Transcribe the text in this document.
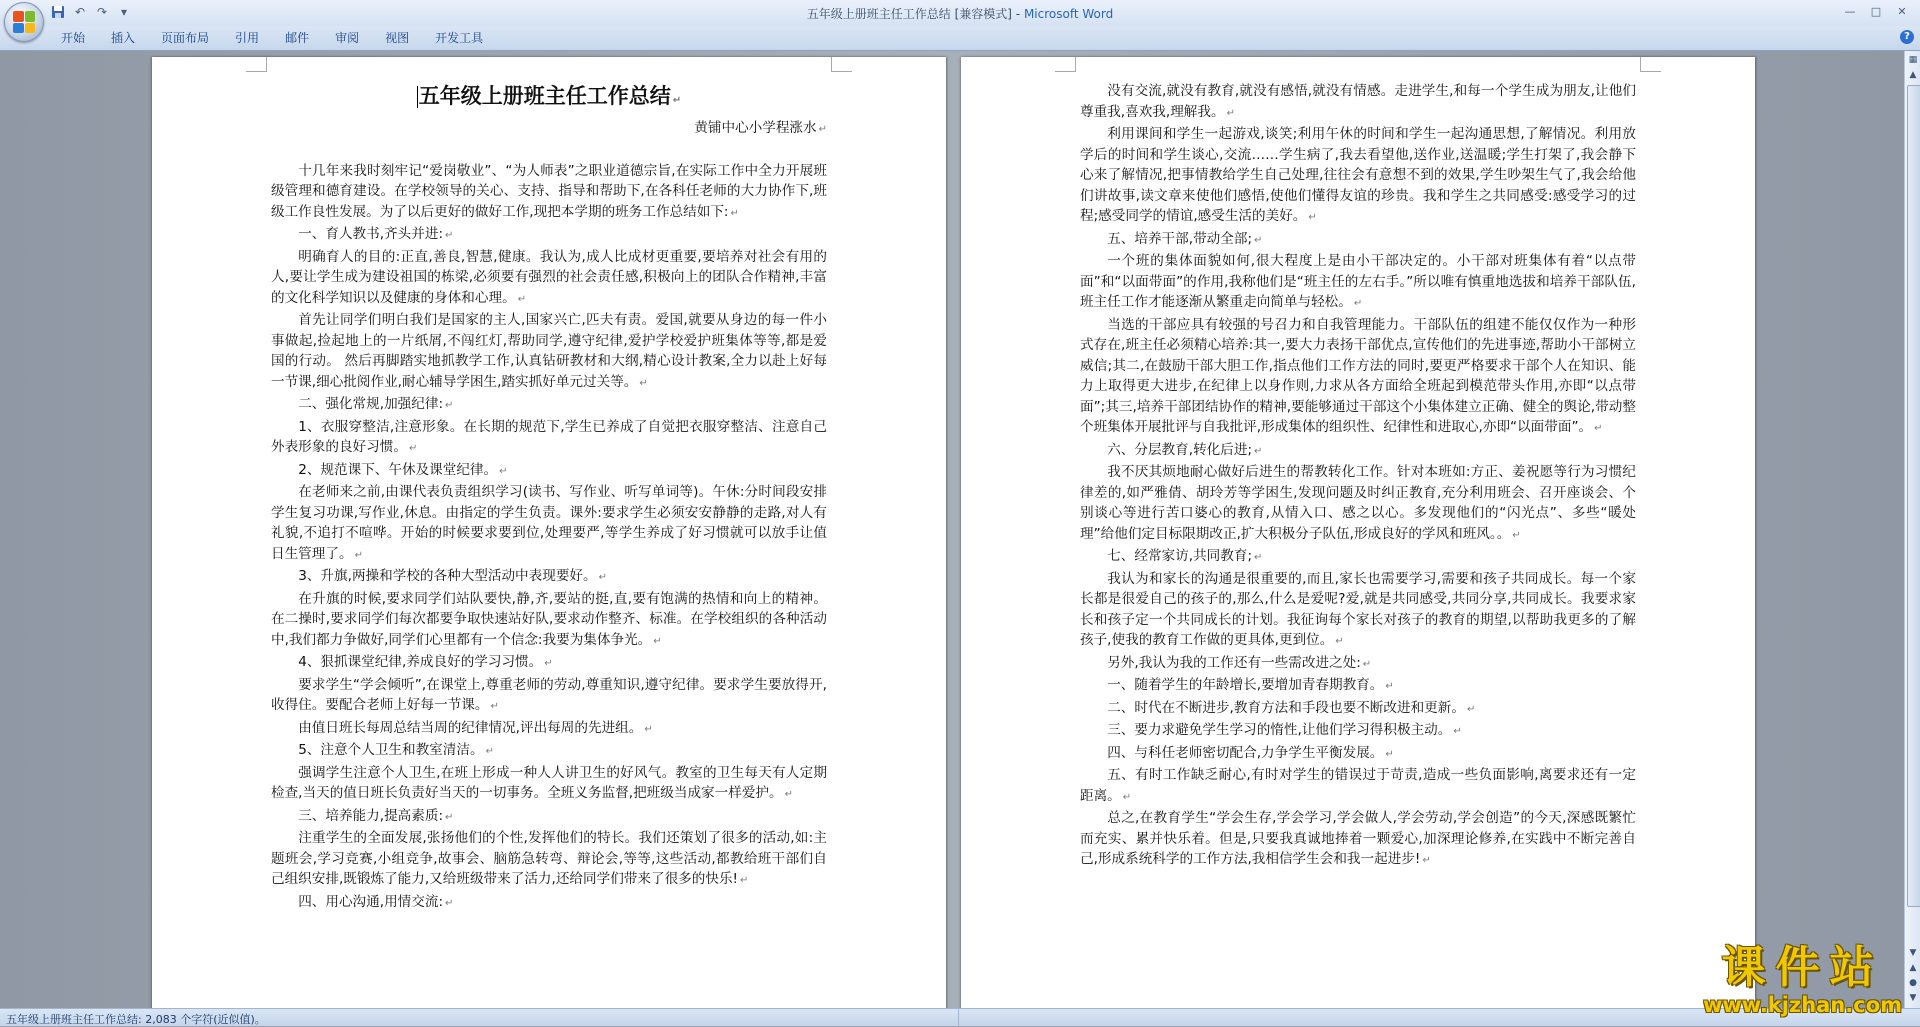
↶ ↷	▾	五年级上册班主任工作总结 [兼容模式] - Microsoft Word	—	□	✕
开始	插入	页面布局	引用	邮件	审阅	视图	开发工具	?

五年级上册班主任工作总结 ↵

黄铺中心小学程涨水 ↵

十几年来我时刻牢记“爱岗敬业”、“为人师表”之职业道德宗旨,在实际工作中全力开展班级管理和德育建设。在学校领导的关心、支持、指导和帮助下,在各科任老师的大力协作下,班级工作良性发展。为了以后更好的做好工作,现把本学期的班务工作总结如下: ↵

一、育人教书,齐头并进: ↵

明确育人的目的:正直,善良,智慧,健康。我认为,成人比成材更重要,要培养对社会有用的人,要让学生成为建设祖国的栋梁,必须要有强烈的社会责任感,积极向上的团队合作精神,丰富的文化科学知识以及健康的身体和心理。 ↵

首先让同学们明白我们是国家的主人,国家兴亡,匹夫有责。爱国,就要从身边的每一件小事做起,捡起地上的一片纸屑,不闯红灯,帮助同学,遵守纪律,爱护学校爱护班集体等等,都是爱国的行动。 然后再脚踏实地抓教学工作,认真钻研教材和大纲,精心设计教案,全力以赴上好每一节课,细心批阅作业,耐心辅导学困生,踏实抓好单元过关等。 ↵

二、强化常规,加强纪律: ↵

1、衣服穿整洁,注意形象。在长期的规范下,学生已养成了自觉把衣服穿整洁、注意自己外表形象的良好习惯。 ↵

2、规范课下、午休及课堂纪律。 ↵

在老师来之前,由课代表负责组织学习(读书、写作业、听写单词等)。午休:分时间段安排学生复习功课,写作业,休息。由指定的学生负责。课外:要求学生必须安安静静的走路,对人有礼貌,不追打不喧哗。开始的时候要求要到位,处理要严,等学生养成了好习惯就可以放手让值日生管理了。 ↵

3、升旗,两操和学校的各种大型活动中表现要好。 ↵

在升旗的时候,要求同学们站队要快,静,齐,要站的挺,直,要有饱满的热情和向上的精神。在二操时,要求同学们每次都要争取快速站好队,要求动作整齐、标准。在学校组织的各种活动中,我们都力争做好,同学们心里都有一个信念:我要为集体争光。 ↵

4、狠抓课堂纪律,养成良好的学习习惯。 ↵

要求学生“学会倾听”,在课堂上,尊重老师的劳动,尊重知识,遵守纪律。要求学生要放得开,收得住。要配合老师上好每一节课。 ↵

由值日班长每周总结当周的纪律情况,评出每周的先进组。 ↵

5、注意个人卫生和教室清洁。 ↵

强调学生注意个人卫生,在班上形成一种人人讲卫生的好风气。教室的卫生每天有人定期检查,当天的值日班长负责好当天的一切事务。全班义务监督,把班级当成家一样爱护。 ↵

三、培养能力,提高素质: ↵

注重学生的全面发展,张扬他们的个性,发挥他们的特长。我们还策划了很多的活动,如:主题班会,学习竞赛,小组竞争,故事会、脑筋急转弯、辩论会,等等,这些活动,都教给班干部们自己组织安排,既锻炼了能力,又给班级带来了活力,还给同学们带来了很多的快乐! ↵

四、用心沟通,用情交流: ↵

没有交流,就没有教育,就没有感悟,就没有情感。走进学生,和每一个学生成为朋友,让他们尊重我,喜欢我,理解我。 ↵

利用课间和学生一起游戏,谈笑;利用午休的时间和学生一起沟通思想,了解情况。利用放学后的时间和学生谈心,交流……学生病了,我去看望他,送作业,送温暖;学生打架了,我会静下心来了解情况,把事情教给学生自己处理,往往会有意想不到的效果,学生吵架生气了,我会给他们讲故事,读文章来使他们感悟,使他们懂得友谊的珍贵。我和学生之共同感受:感受学习的过程;感受同学的情谊,感受生活的美好。 ↵

五、培养干部,带动全部; ↵

一个班的集体面貌如何,很大程度上是由小干部决定的。小干部对班集体有着“以点带面”和“以面带面”的作用,我称他们是“班主任的左右手。”所以唯有慎重地选拔和培养干部队伍,班主任工作才能逐渐从繁重走向简单与轻松。 ↵

当选的干部应具有较强的号召力和自我管理能力。干部队伍的组建不能仅仅作为一种形式存在,班主任必须精心培养:其一,要大力表扬干部优点,宣传他们的先进事迹,帮助小干部树立威信;其二,在鼓励干部大胆工作,指点他们工作方法的同时,要更严格要求干部个人在知识、能力上取得更大进步,在纪律上以身作则,力求从各方面给全班起到模范带头作用,亦即“以点带面”;其三,培养干部团结协作的精神,要能够通过干部这个小集体建立正确、健全的舆论,带动整个班集体开展批评与自我批评,形成集体的组织性、纪律性和进取心,亦即“以面带面”。 ↵

六、分层教育,转化后进; ↵

我不厌其烦地耐心做好后进生的帮教转化工作。针对本班如:方正、姜祝愿等行为习惯纪律差的,如严雅倩、胡玲芳等学困生,发现问题及时纠正教育,充分利用班会、召开座谈会、个别谈心等进行苦口婆心的教育,从情入口、感之以心。多发现他们的“闪光点”、多些“暖处理”给他们定目标限期改正,扩大积极分子队伍,形成良好的学风和班风。。 ↵

七、经常家访,共同教育; ↵

我认为和家长的沟通是很重要的,而且,家长也需要学习,需要和孩子共同成长。每一个家长都是很爱自己的孩子的,那么,什么是爱呢?爱,就是共同感受,共同分享,共同成长。我要求家长和孩子定一个共同成长的计划。我征询每个家长对孩子的教育的期望,以帮助我更多的了解孩子,使我的教育工作做的更具体,更到位。 ↵

另外,我认为我的工作还有一些需改进之处: ↵

一、随着学生的年龄增长,要增加青春期教育。 ↵

二、时代在不断进步,教育方法和手段也要不断改进和更新。 ↵

三、要力求避免学生学习的惰性,让他们学习得积极主动。 ↵

四、与科任老师密切配合,力争学生平衡发展。 ↵

五、有时工作缺乏耐心,有时对学生的错误过于苛责,造成一些负面影响,离要求还有一定距离。 ↵

总之,在教育学生“学会生存,学会学习,学会做人,学会劳动,学会创造”的今天,深感既繁忙而充实、累并快乐着。但是,只要我真诚地捧着一颗爱心,加深理论修养,在实践中不断完善自己,形成系统科学的工作方法,我相信学生会和我一起进步! ↵

▦
▲
▼
▲
●
▼
五年级上册班主任工作总结: 2,083 个字符(近似值)。
课件站
www.kjzhan.com
